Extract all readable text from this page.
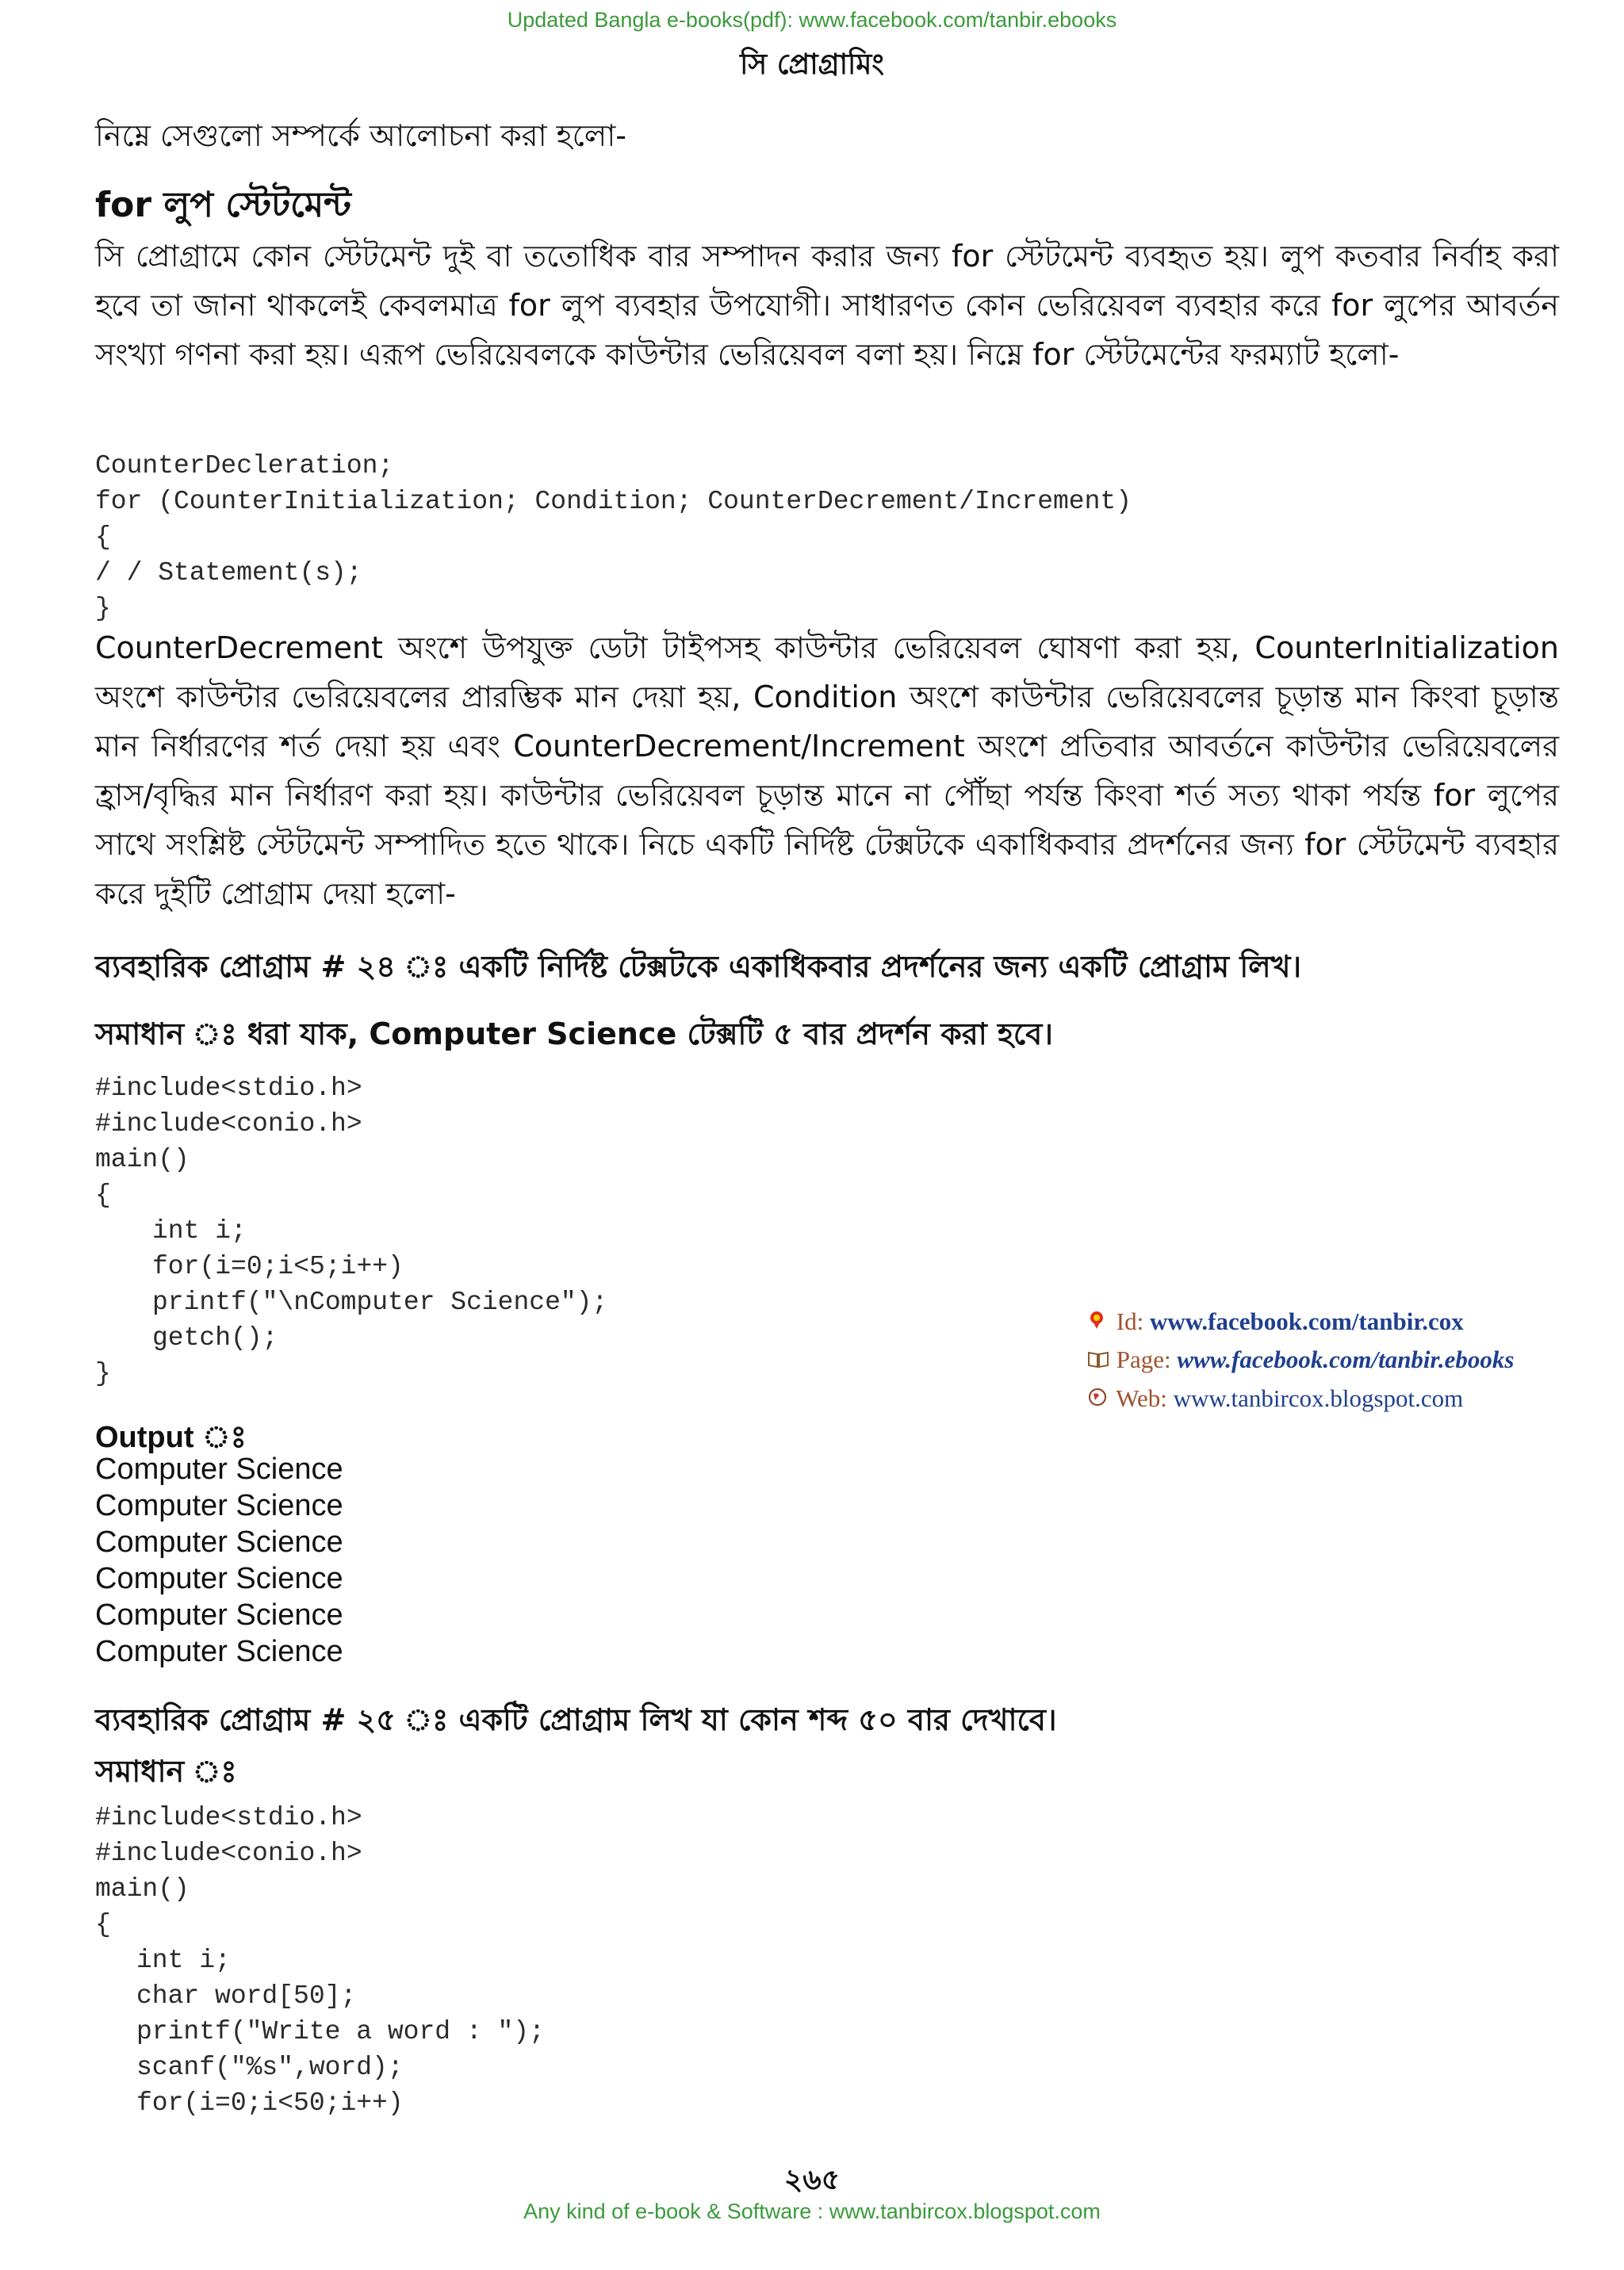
Updated Bangla e-books(pdf): www.facebook.com/tanbir.ebooks
সি প্রোগ্রামিং
নিম্নে সেগুলো সম্পর্কে আলোচনা করা হলো-
for লুপ স্টেটমেন্ট
সি প্রোগ্রামে কোন স্টেটমেন্ট দুই বা ততোধিক বার সম্পাদন করার জন্য for স্টেটমেন্ট ব্যবহৃত হয়। লুপ কতবার নির্বাহ করা হবে তা জানা থাকলেই কেবলমাত্র for লুপ ব্যবহার উপযোগী। সাধারণত কোন ভেরিয়েবল ব্যবহার করে for লুপের আবর্তন সংখ্যা গণনা করা হয়। এরূপ ভেরিয়েবলকে কাউন্টার ভেরিয়েবল বলা হয়। নিম্নে for স্টেটমেন্টের ফরম্যাট হলো-
CounterDecleration;
for (CounterInitialization; Condition; CounterDecrement/Increment)
{
/ / Statement(s);
}
CounterDecrement অংশে উপযুক্ত ডেটা টাইপসহ কাউন্টার ভেরিয়েবল ঘোষণা করা হয়, CounterInitialization অংশে কাউন্টার ভেরিয়েবলের প্রারম্ভিক মান দেয়া হয়, Condition অংশে কাউন্টার ভেরিয়েবলের চূড়ান্ত মান কিংবা চূড়ান্ত মান নির্ধারণের শর্ত দেয়া হয় এবং CounterDecrement/Increment অংশে প্রতিবার আবর্তনে কাউন্টার ভেরিয়েবলের হ্রাস/বৃদ্ধির মান নির্ধারণ করা হয়। কাউন্টার ভেরিয়েবল চূড়ান্ত মানে না পৌঁছা পর্যন্ত কিংবা শর্ত সত্য থাকা পর্যন্ত for লুপের সাথে সংশ্লিষ্ট স্টেটমেন্ট সম্পাদিত হতে থাকে। নিচে একটি নির্দিষ্ট টেক্সটকে একাধিকবার প্রদর্শনের জন্য for স্টেটমেন্ট ব্যবহার করে দুইটি প্রোগ্রাম দেয়া হলো-
ব্যবহারিক প্রোগ্রাম # ২৪ ঃ একটি নির্দিষ্ট টেক্সটকে একাধিকবার প্রদর্শনের জন্য একটি প্রোগ্রাম লিখ।
সমাধান ঃ ধরা যাক, Computer Science টেক্সটি ৫ বার প্রদর্শন করা হবে।
#include<stdio.h>
#include<conio.h>
main()
{
int i;
for(i=0;i<5;i++)
printf("\nComputer Science");
getch();
}
Id: www.facebook.com/tanbir.cox
Page: www.facebook.com/tanbir.ebooks
Web: www.tanbircox.blogspot.com
Output ঃ
Computer Science
Computer Science
Computer Science
Computer Science
Computer Science
Computer Science
ব্যবহারিক প্রোগ্রাম # ২৫ ঃ একটি প্রোগ্রাম লিখ যা কোন শব্দ ৫০ বার দেখাবে।
সমাধান ঃ
#include<stdio.h>
#include<conio.h>
main()
{
int i;
char word[50];
printf("Write a word : ");
scanf("%s",word);
for(i=0;i<50;i++)
২৬৫
Any kind of e-book & Software : www.tanbircox.blogspot.com
